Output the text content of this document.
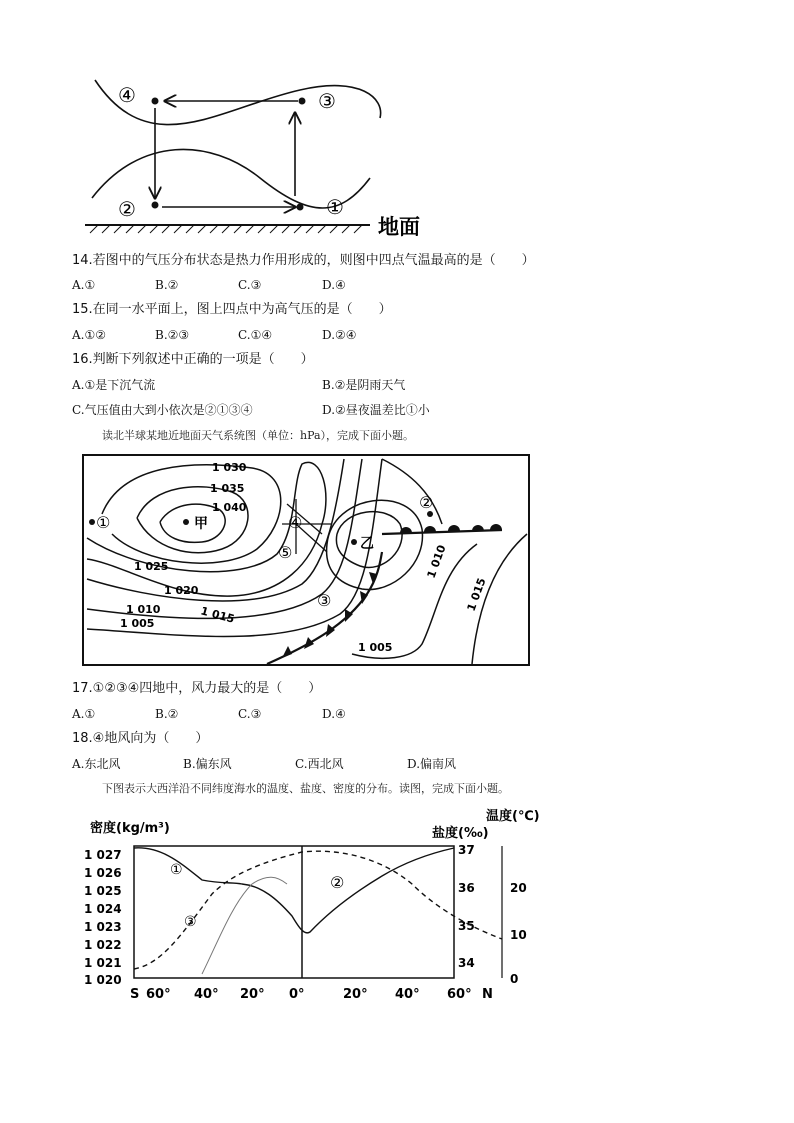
④	③
②	①
地面
14.若图中的气压分布状态是热力作用形成的，则图中四点气温最高的是（　　）
A.①	B.②	C.③	D.④
15.在同一水平面上，图上四点中为高气压的是（　　）
A.①②	B.②③	C.①④	D.②④
16.判断下列叙述中正确的一项是（　　）
A.①是下沉气流	B.②是阴雨天气
C.气压值由大到小依次是②①③④	D.②昼夜温差比①小
读北半球某地近地面天气系统图（单位：hPa），完成下面小题。
甲
乙
1 030
1 035
1 040
1 025
1 020
1 010
1 005	1 015
1 010
1 015
1 005
①
②
③
④
⑤
17.①②③④四地中，风力最大的是（　　）
A.①	B.②	C.③	D.④
18.④地风向为（　　）
A.东北风	B.偏东风	C.西北风	D.偏南风
下图表示大西洋沿不同纬度海水的温度、盐度、密度的分布。读图，完成下面小题。
密度(kg/m³)	盐度(‰)
温度(℃)
1 027
1 026
1 025
1 024
1 023
1 022
1 021
1 020
37
36
35
34
20
10
0
S 60° 40° 20° 0°	20° 40° 60° N
①
②
③
